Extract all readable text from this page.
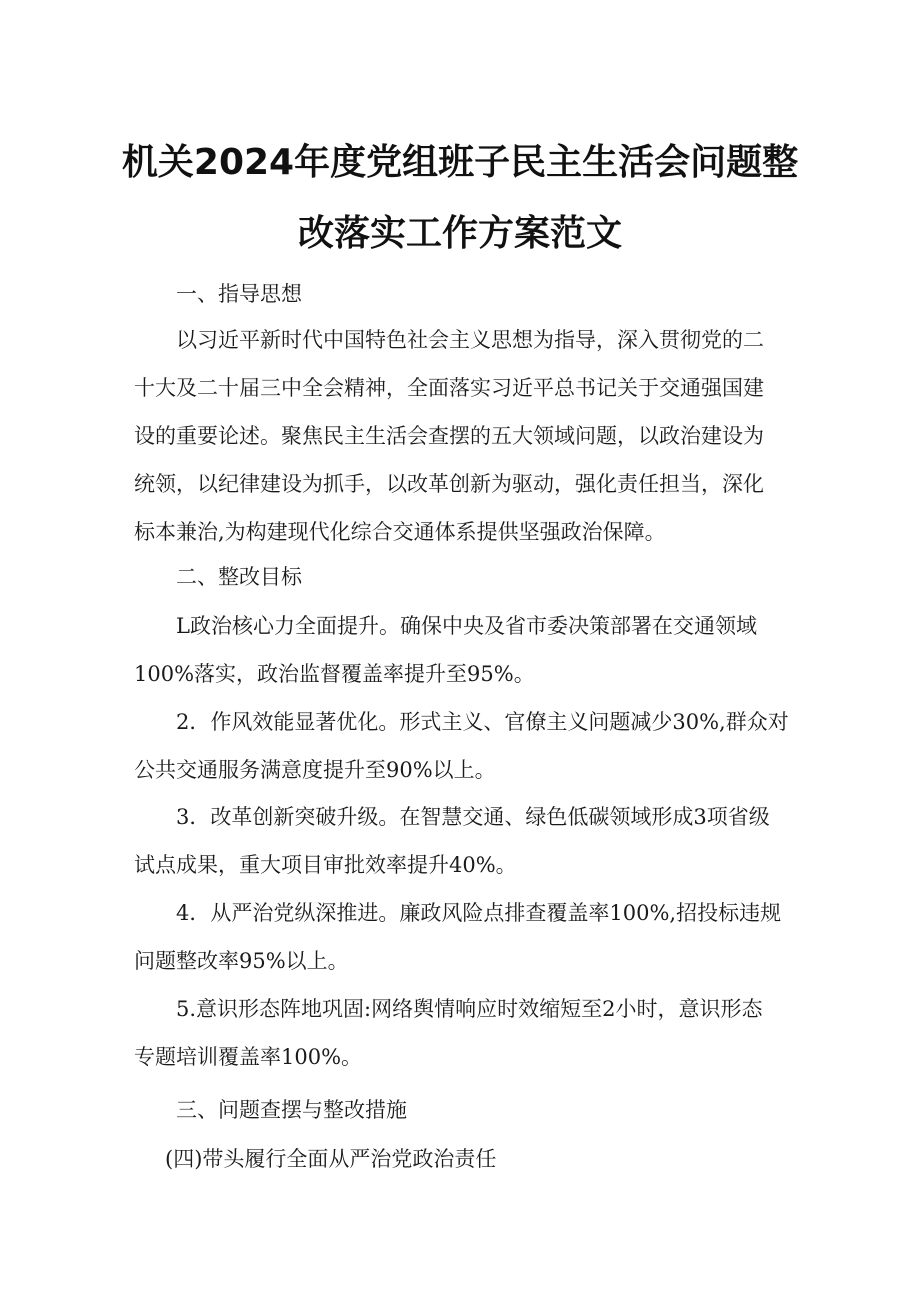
机关2024年度党组班子民主生活会问题整
改落实工作方案范文
一、指导思想
以习近平新时代中国特色社会主义思想为指导，深入贯彻党的二
十大及二十届三中全会精神，全面落实习近平总书记关于交通强国建
设的重要论述。聚焦民主生活会查摆的五大领域问题，以政治建设为
统领，以纪律建设为抓手，以改革创新为驱动，强化责任担当，深化
标本兼治,为构建现代化综合交通体系提供坚强政治保障。
二、整改目标
L政治核心力全面提升。确保中央及省市委决策部署在交通领域
100%落实，政治监督覆盖率提升至95%。
2．作风效能显著优化。形式主义、官僚主义问题减少30%,群众对
公共交通服务满意度提升至90%以上。
3．改革创新突破升级。在智慧交通、绿色低碳领域形成3项省级
试点成果，重大项目审批效率提升40%。
4．从严治党纵深推进。廉政风险点排查覆盖率100%,招投标违规
问题整改率95%以上。
5.意识形态阵地巩固:网络舆情响应时效缩短至2小时，意识形态
专题培训覆盖率100%。
三、问题查摆与整改措施
(四)带头履行全面从严治党政治责任
